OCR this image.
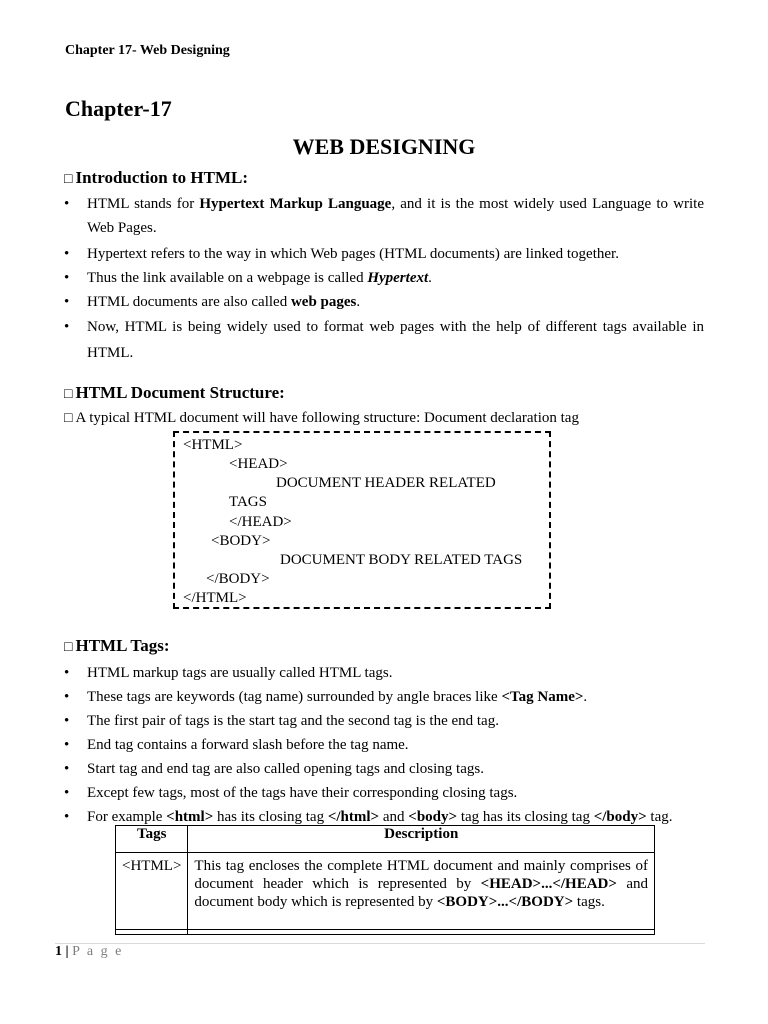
Chapter 17- Web Designing
Chapter-17
WEB DESIGNING
□ Introduction to HTML:
• HTML stands for Hypertext Markup Language, and it is the most widely used Language to write Web Pages.
• Hypertext refers to the way in which Web pages (HTML documents) are linked together.
• Thus the link available on a webpage is called Hypertext.
• HTML documents are also called web pages.
• Now, HTML is being widely used to format web pages with the help of different tags available in HTML.
□ HTML Document Structure:
□ A typical HTML document will have following structure: Document declaration tag
<HTML>
<HEAD>
DOCUMENT HEADER RELATED
TAGS
</HEAD>
<BODY>
DOCUMENT BODY RELATED TAGS
</BODY>
</HTML>
□ HTML Tags:
• HTML markup tags are usually called HTML tags.
• These tags are keywords (tag name) surrounded by angle braces like <Tag Name>.
• The first pair of tags is the start tag and the second tag is the end tag.
• End tag contains a forward slash before the tag name.
• Start tag and end tag are also called opening tags and closing tags.
• Except few tags, most of the tags have their corresponding closing tags.
• For example <html> has its closing tag </html> and <body> tag has its closing tag </body> tag.
Tags	Description
<HTML>	This tag encloses the complete HTML document and mainly comprises of document header which is represented by <HEAD>...</HEAD> and document body which is represented by <BODY>...</BODY> tags.

1 | P a g e
